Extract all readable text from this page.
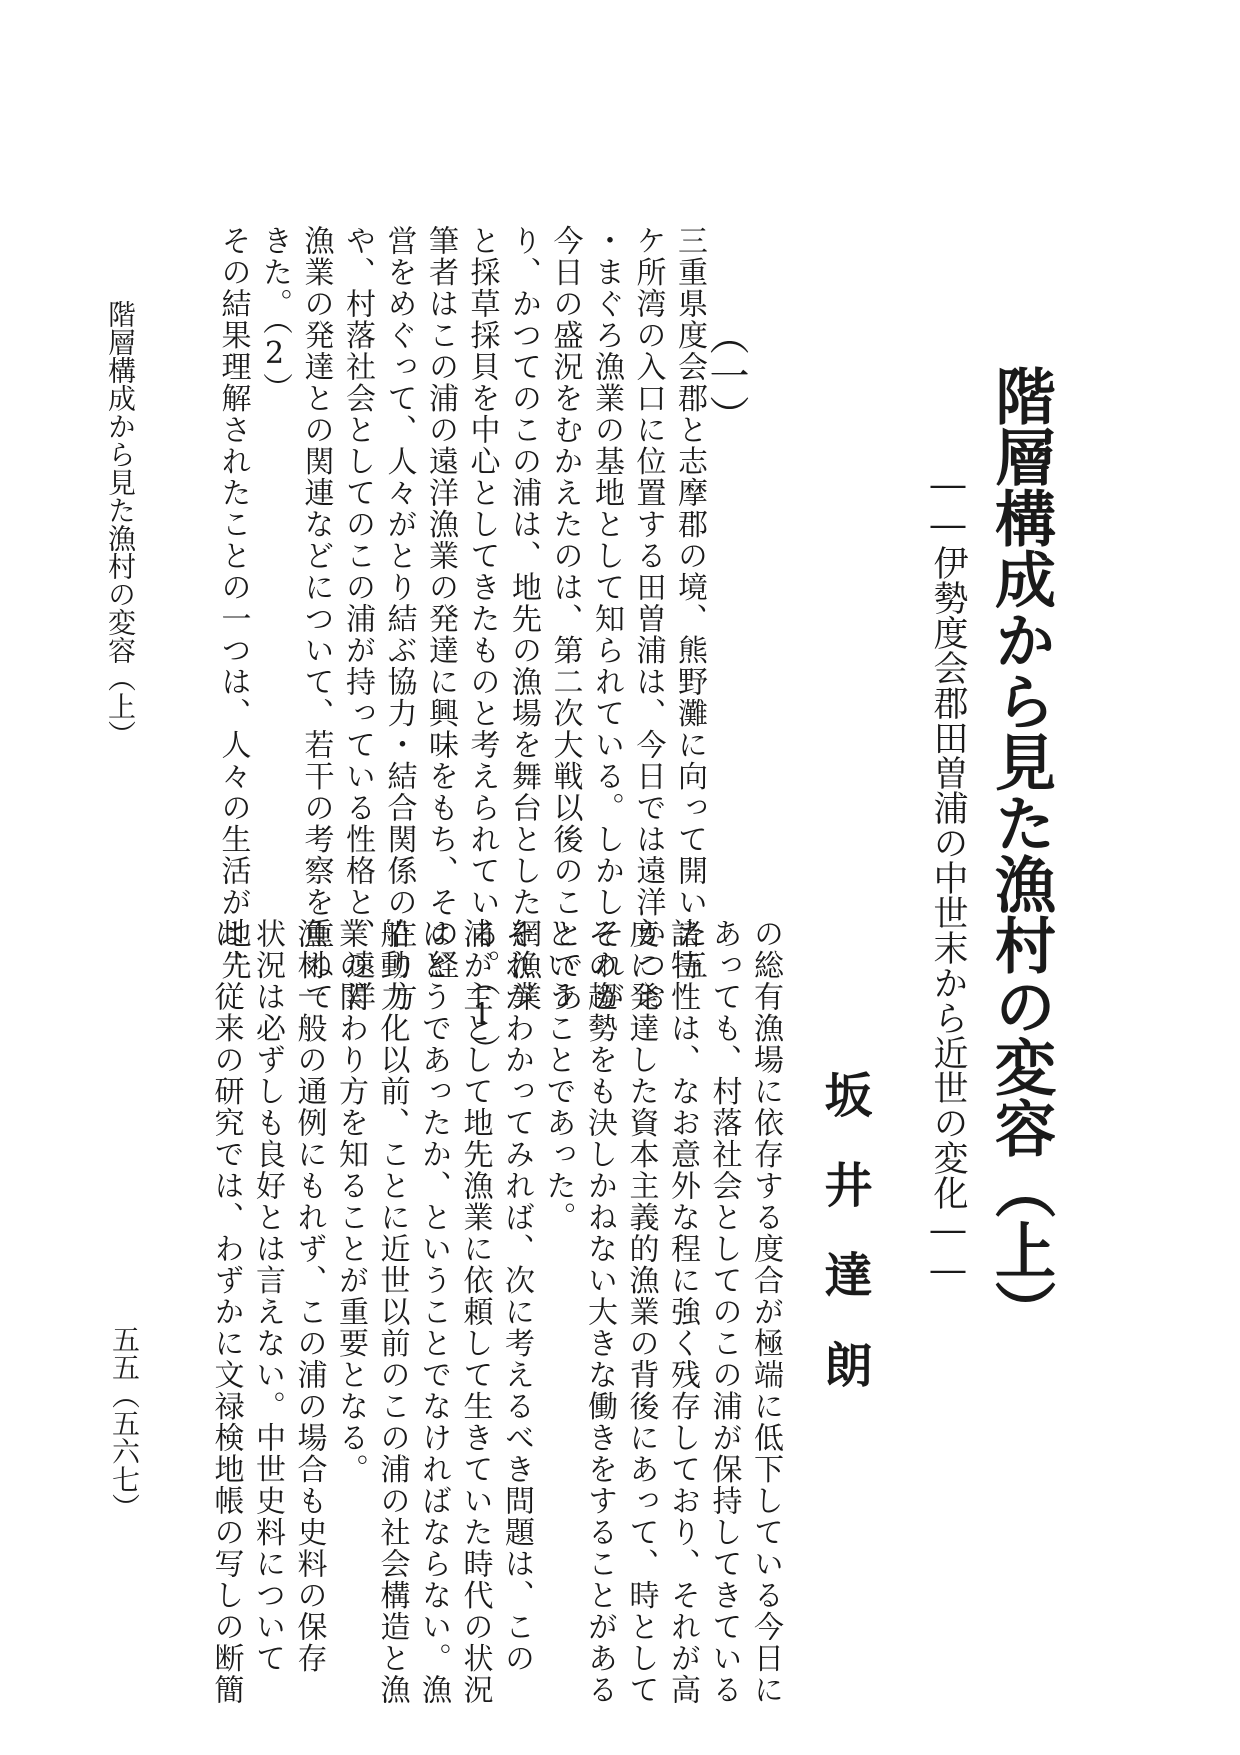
階層構成から見た漁村の変容（上）
――伊勢度会郡田曽浦の中世末から近世の変化――
坂井達朗
（一）

三重県度会郡と志摩郡の境、熊野灘に向って開いた五

ケ所湾の入口に位置する田曽浦は、今日では遠洋かつお

・まぐろ漁業の基地として知られている。しかしそれが

今日の盛況をむかえたのは、第二次大戦以後のことであ

り、かつてのこの浦は、地先の漁場を舞台とした網漁業

と採草採貝を中心としてきたものと考えられている。（1）

筆者はこの浦の遠洋漁業の発達に興味をもち、その経

営をめぐって、人々がとり結ぶ協力・結合関係の在り方

や、村落社会としてのこの浦が持っている性格と、遠洋

漁業の発達との関連などについて、若干の考察を重ねて

きた。（2）

その結果理解されたことの一つは、人々の生活が地先

の総有漁場に依存する度合が極端に低下している今日に

あっても、村落社会としてのこの浦が保持してきている

諸特性は、なお意外な程に強く残存しており、それが高

度に発達した資本主義的漁業の背後にあって、時として

その趨勢をも決しかねない大きな働きをすることがある

ということであった。

それがわかってみれば、次に考えるべき問題は、この

浦が主として地先漁業に依頼して生きていた時代の状況

はどうであったか、ということでなければならない。漁

船動力化以前、ことに近世以前のこの浦の社会構造と漁

業の関わり方を知ることが重要となる。

漁村一般の通例にもれず、この浦の場合も史料の保存

状況は必ずしも良好とは言えない。中世史料について

は、従来の研究では、わずかに文禄検地帳の写しの断簡

階層構成から見た漁村の変容（上）
五五（五六七）
